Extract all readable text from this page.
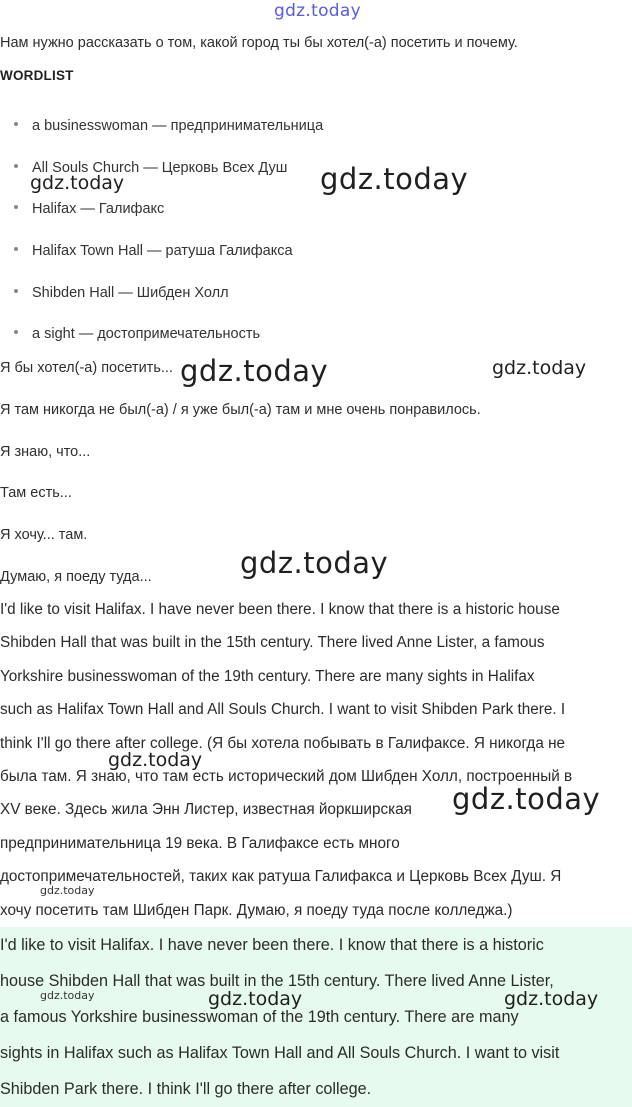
Нам нужно рассказать о том, какой город ты бы хотел(-а) посетить и почему.
WORDLIST
a businesswoman — предпринимательница
All Souls Church — Церковь Всех Душ
Halifax — Галифакс
Halifax Town Hall — ратуша Галифакса
Shibden Hall — Шибден Холл
a sight — достопримечательность
Я бы хотел(-а) посетить...
Я там никогда не был(-а) / я уже был(-а) там и мне очень понравилось.
Я знаю, что...
Там есть...
Я хочу... там.
Думаю, я поеду туда...
I'd like to visit Halifax. I have never been there. I know that there is a historic house
Shibden Hall that was built in the 15th century. There lived Anne Lister, a famous
Yorkshire businesswoman of the 19th century. There are many sights in Halifax
such as Halifax Town Hall and All Souls Church. I want to visit Shibden Park there. I
think I'll go there after college. (Я бы хотела побывать в Галифаксе. Я никогда не
была там. Я знаю, что там есть исторический дом Шибден Холл, построенный в
XV веке. Здесь жила Энн Листер, известная йоркширская
предпринимательница 19 века. В Галифаксе есть много
достопримечательностей, таких как ратуша Галифакса и Церковь Всех Душ. Я
хочу посетить там Шибден Парк. Думаю, я поеду туда после колледжа.)
I'd like to visit Halifax. I have never been there. I know that there is a historic
house Shibden Hall that was built in the 15th century. There lived Anne Lister,
a famous Yorkshire businesswoman of the 19th century. There are many
sights in Halifax such as Halifax Town Hall and All Souls Church. I want to visit
Shibden Park there. I think I'll go there after college.
gdz.today
gdz.today
gdz.today
gdz.today	gdz.today
gdz.today
gdz.today
gdz.today
gdz.today
gdz.today	gdz.today	gdz.today
